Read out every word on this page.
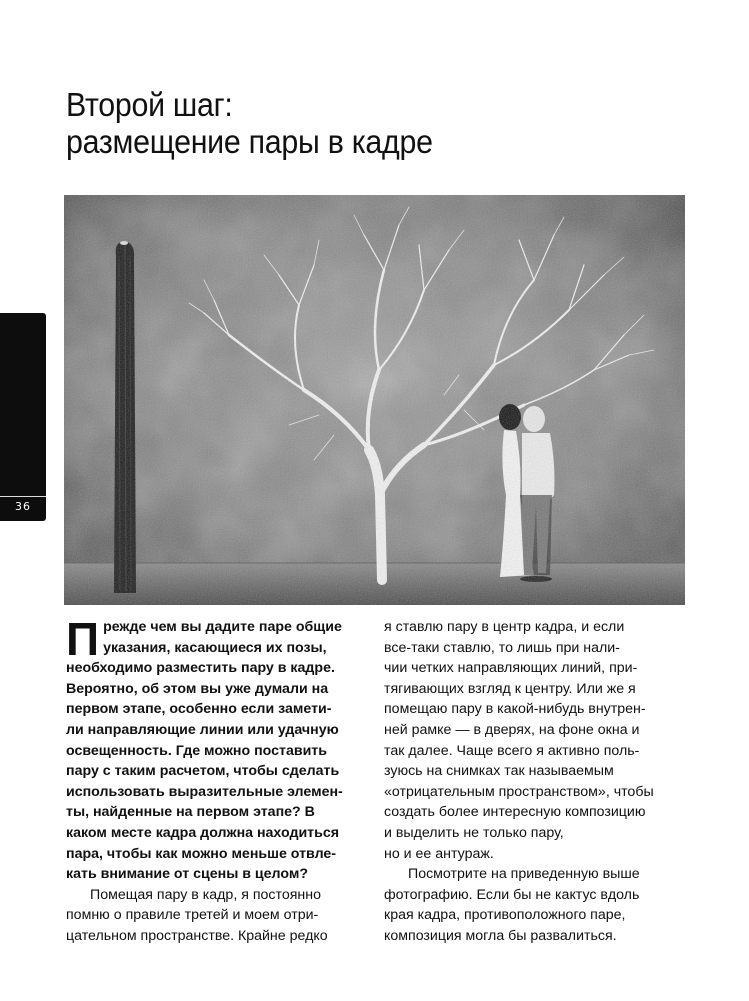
Второй шаг:
размещение пары в кадре
36

П режде чем вы дадите паре общие
указания, касающиеся их позы,
необходимо разместить пару в кадре.
Вероятно, об этом вы уже думали на
первом этапе, особенно если замети-
ли направляющие линии или удачную
освещенность. Где можно поставить
пару с таким расчетом, чтобы сделать
использовать выразительные элемен-
ты, найденные на первом этапе? В
каком месте кадра должна находиться
пара, чтобы как можно меньше отвле-
кать внимание от сцены в целом?

Помещая пару в кадр, я постоянно
помню о правиле третей и моем отри-
цательном пространстве. Крайне редко

я ставлю пару в центр кадра, и если
все-таки ставлю, то лишь при нали-
чии четких направляющих линий, при-
тягивающих взгляд к центру. Или же я
помещаю пару в какой-нибудь внутрен-
ней рамке — в дверях, на фоне окна и
так далее. Чаще всего я активно поль-
зуюсь на снимках так называемым
«отрицательным пространством», чтобы
создать более интересную композицию
и выделить не только пару,
но и ее антураж.

Посмотрите на приведенную выше
фотографию. Если бы не кактус вдоль
края кадра, противоположного паре,
композиция могла бы развалиться.
